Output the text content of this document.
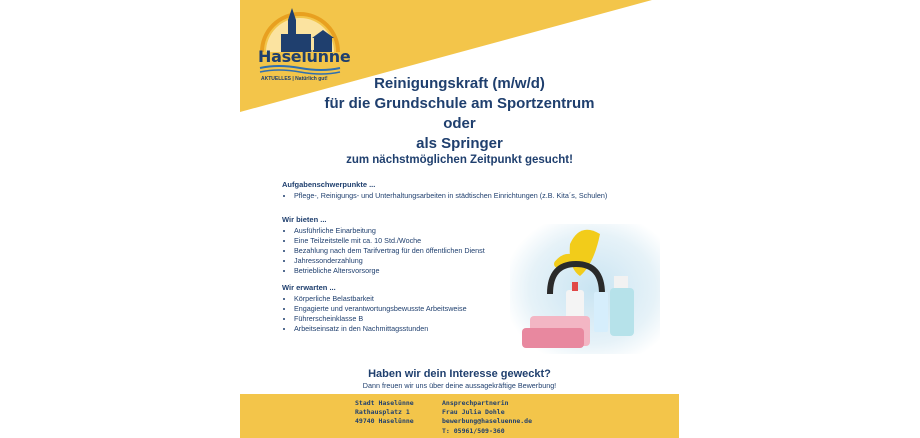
Haselünne
AKTUELLES | Natürlich gut!	Reinigungskraft (m/w/d)

für die Grundschule am Sportzentrum

oder

als Springer

zum nächstmöglichen Zeitpunkt gesucht!

Aufgabenschwerpunkte ...
• Pflege-, Reinigungs- und Unterhaltungsarbeiten in städtischen Einrichtungen (z.B. Kita´s, Schulen)
Wir bieten ...
• Ausführliche Einarbeitung
• Eine Teilzeitstelle mit ca. 10 Std./Woche
• Bezahlung nach dem Tarifvertrag für den öffentlichen Dienst
• Jahressonderzahlung
• Betriebliche Altersvorsorge
Wir erwarten ...
• Körperliche Belastbarkeit
• Engagierte und verantwortungsbewusste Arbeitsweise
• Führerscheinklasse B
• Arbeitseinsatz in den Nachmittagsstunden
Haben wir dein Interesse geweckt?
Dann freuen wir uns über deine aussagekräftige Bewerbung!
Stadt Haselünne
Rathausplatz 1
49740 Haselünne
Ansprechpartnerin
Frau Julia Dohle
bewerbung@haseluenne.de
T: 05961/509-360
